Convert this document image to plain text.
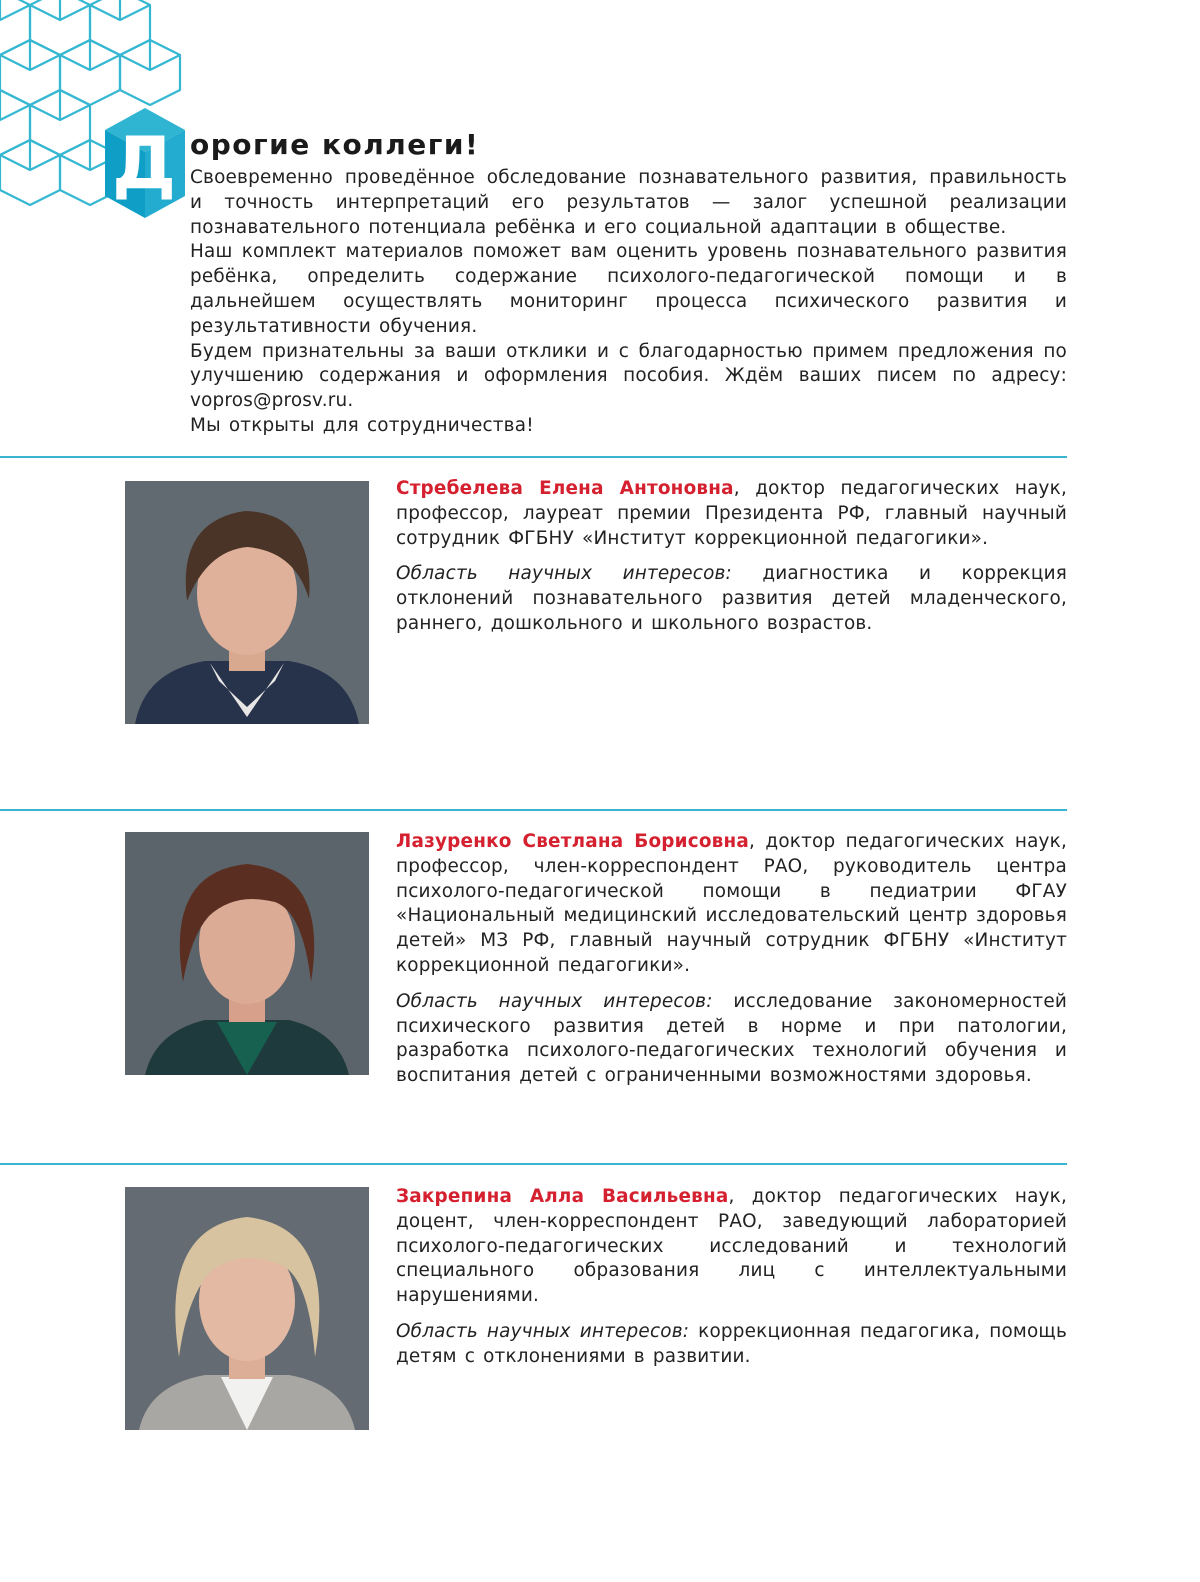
Д орогие коллеги!

Своевременно проведённое обследование познавательного развития, правильность и точность интерпретаций его результатов — залог успешной реализации познавательного потенциала ребёнка и его социальной адаптации в обществе.

Наш комплект материалов поможет вам оценить уровень познавательного развития ребёнка, определить содержание психолого-педагогической помощи и в дальнейшем осуществлять мониторинг процесса психического развития и результативности обучения.

Будем признательны за ваши отклики и с благодарностью примем предложения по улучшению содержания и оформления пособия. Ждём ваших писем по адресу: vopros@prosv.ru.

Мы открыты для сотрудничества!

Стребелева Елена Антоновна, доктор педагогических наук, профессор, лауреат премии Президента РФ, главный научный сотрудник ФГБНУ «Институт коррекционной педагогики».

Область научных интересов: диагностика и коррекция отклонений познавательного развития детей младенческого, раннего, дошкольного и школьного возрастов.

Лазуренко Светлана Борисовна, доктор педагогических наук, профессор, член-корреспондент РАО, руководитель центра психолого-педагогической помощи в педиатрии ФГАУ «Национальный медицинский исследовательский центр здоровья детей» МЗ РФ, главный научный сотрудник ФГБНУ «Институт коррекционной педагогики».

Область научных интересов: исследование закономерностей психического развития детей в норме и при патологии, разработка психолого-педагогических технологий обучения и воспитания детей с ограниченными возможностями здоровья.

Закрепина Алла Васильевна, доктор педагогических наук, доцент, член-корреспондент РАО, заведующий лабораторией психолого-педагогических исследований и технологий специального образования лиц с интеллектуальными нарушениями.

Область научных интересов: коррекционная педагогика, помощь детям с отклонениями в развитии.
